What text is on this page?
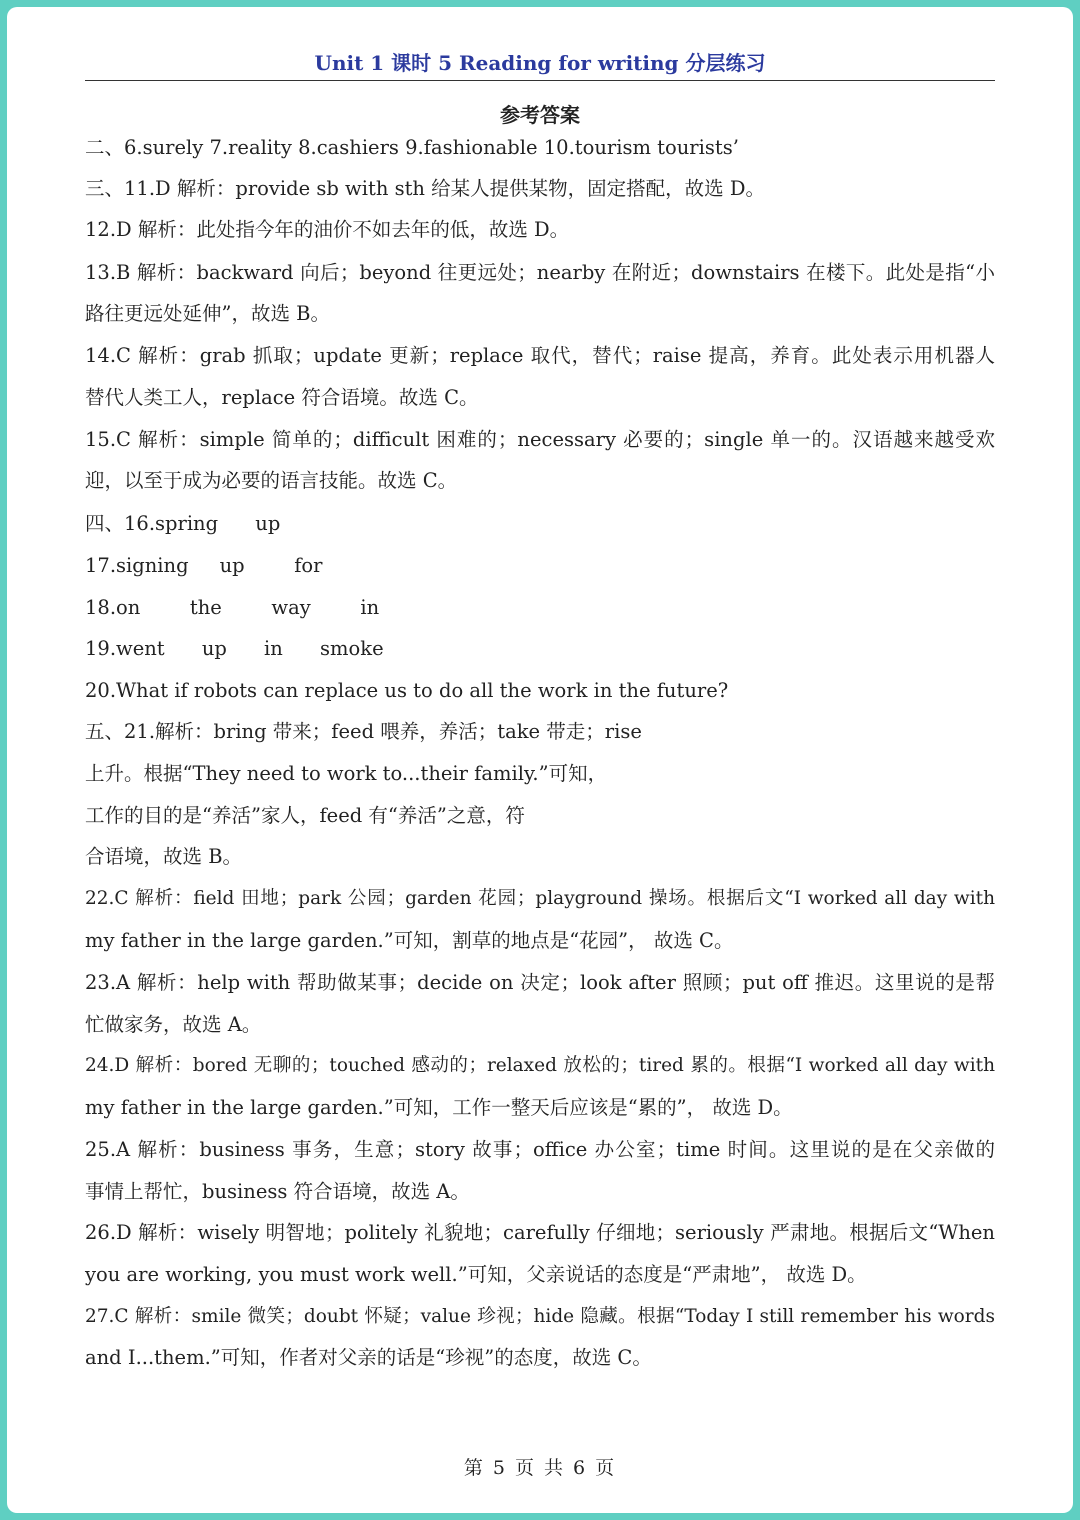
Unit 1 课时 5 Reading for writing 分层练习
参考答案
二、6.surely 7.reality 8.cashiers 9.fashionable 10.tourism tourists’
三、11.D 解析：provide sb with sth 给某人提供某物，固定搭配，故选 D。
12.D 解析：此处指今年的油价不如去年的低，故选 D。
13.B 解析：backward 向后；beyond 往更远处；nearby 在附近；downstairs 在楼下。此处是指“小
路往更远处延伸”，故选 B。
14.C 解析：grab 抓取；update 更新；replace 取代，替代；raise 提高，养育。此处表示用机器人
替代人类工人，replace 符合语境。故选 C。
15.C 解析：simple 简单的；difficult 困难的；necessary 必要的；single 单一的。汉语越来越受欢
迎，以至于成为必要的语言技能。故选 C。
四、16.spring      up
17.signing     up        for
18.on        the        way        in
19.went      up      in      smoke
20.What if robots can replace us to do all the work in the future?
五、21.解析：bring 带来；feed 喂养，养活；take 带走；rise
上升。根据“They need to work to...their family.”可知，
工作的目的是“养活”家人，feed 有“养活”之意，符
合语境，故选 B。
22.C 解析：field 田地；park 公园；garden 花园；playground 操场。根据后文“I worked all day with
my father in the large garden.”可知，割草的地点是“花园”， 故选 C。
23.A 解析：help with 帮助做某事；decide on 决定；look after 照顾；put off 推迟。这里说的是帮
忙做家务，故选 A。
24.D 解析：bored 无聊的；touched 感动的；relaxed 放松的；tired 累的。根据“I worked all day with
my father in the large garden.”可知，工作一整天后应该是“累的”， 故选 D。
25.A 解析：business 事务，生意；story 故事；office 办公室；time 时间。这里说的是在父亲做的
事情上帮忙，business 符合语境，故选 A。
26.D 解析：wisely 明智地；politely 礼貌地；carefully 仔细地；seriously 严肃地。根据后文“When
you are working, you must work well.”可知，父亲说话的态度是“严肃地”， 故选 D。
27.C 解析：smile 微笑；doubt 怀疑；value 珍视；hide 隐藏。根据“Today I still remember his words
and I...them.”可知，作者对父亲的话是“珍视”的态度，故选 C。
第 5 页 共 6 页
